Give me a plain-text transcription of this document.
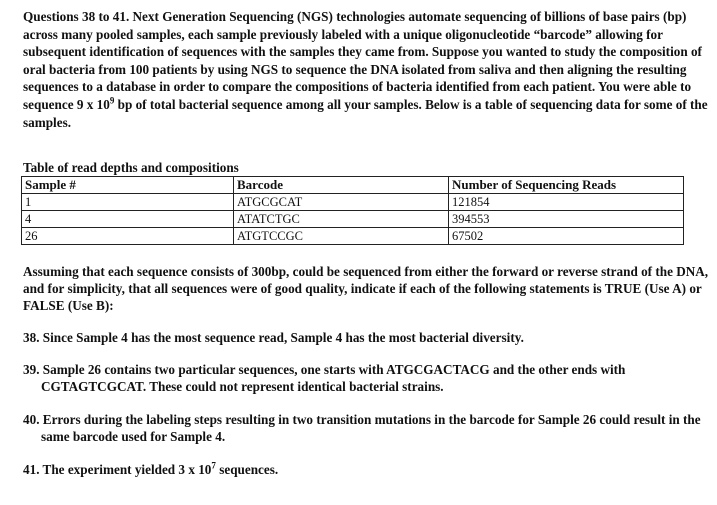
Questions 38 to 41. Next Generation Sequencing (NGS) technologies automate sequencing of billions of base pairs (bp) across many pooled samples, each sample previously labeled with a unique oligonucleotide “barcode” allowing for subsequent identification of sequences with the samples they came from. Suppose you wanted to study the composition of oral bacteria from 100 patients by using NGS to sequence the DNA isolated from saliva and then aligning the resulting sequences to a database in order to compare the compositions of bacteria identified from each patient. You were able to sequence 9 x $10^9$ bp of total bacterial sequence among all your samples. Below is a table of sequencing data for some of the samples.
Table of read depths and compositions
Sample #	Barcode	Number of Sequencing Reads
1	ATGCGCAT	121854
4	ATATCTGC	394553
26	ATGTCCGC	67502
Assuming that each sequence consists of 300bp, could be sequenced from either the forward or reverse strand of the DNA, and for simplicity, that all sequences were of good quality, indicate if each of the following statements is TRUE (Use A) or FALSE (Use B):
38. Since Sample 4 has the most sequence read, Sample 4 has the most bacterial diversity.
39. Sample 26 contains two particular sequences, one starts with ATGCGACTACG and the other ends with CGTAGTCGCAT. These could not represent identical bacterial strains.
40. Errors during the labeling steps resulting in two transition mutations in the barcode for Sample 26 could result in the same barcode used for Sample 4.
41. The experiment yielded 3 x $10^7$ sequences.
